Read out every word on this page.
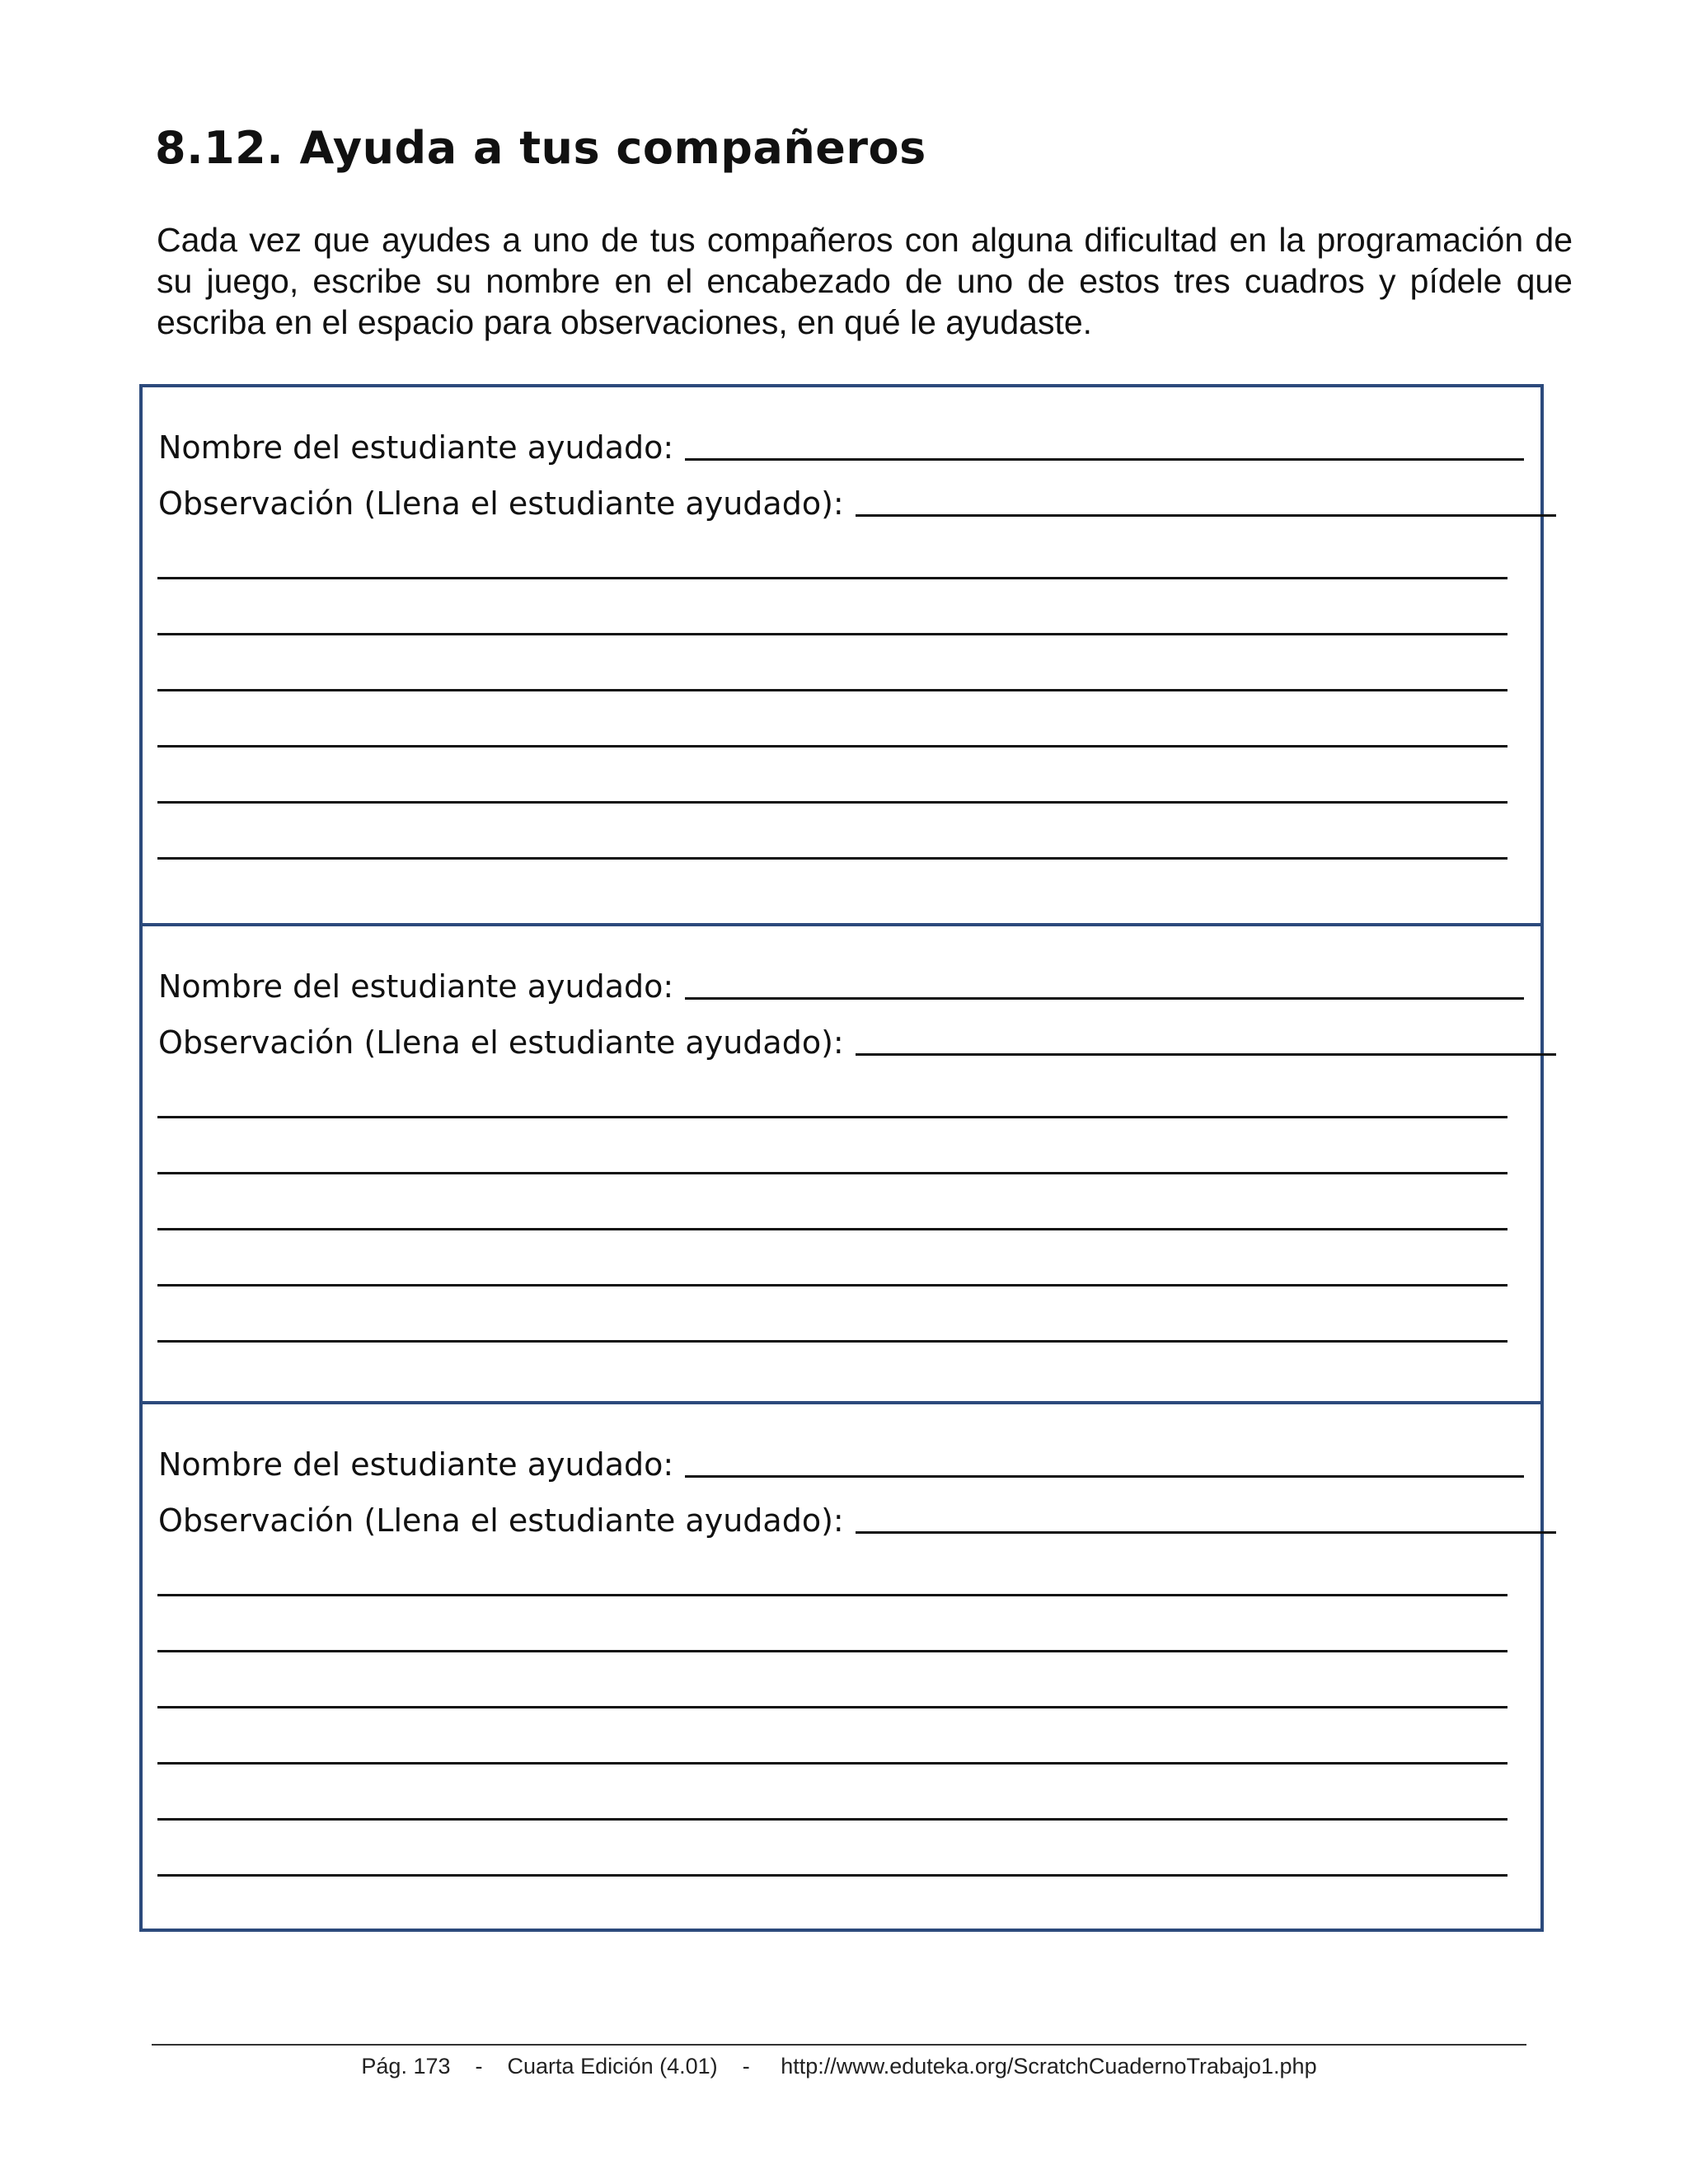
8.12. Ayuda a tus compañeros

Cada vez que ayudes a uno de tus compañeros con alguna dificultad en la programación de su juego, escribe su nombre en el encabezado de uno de estos tres cuadros y pídele que escriba en el espacio para observaciones, en qué le ayudaste.

Nombre del estudiante ayudado:
Observación (Llena el estudiante ayudado):
Nombre del estudiante ayudado:
Observación (Llena el estudiante ayudado):
Nombre del estudiante ayudado:
Observación (Llena el estudiante ayudado):
Pág. 173 - Cuarta Edición (4.01) - http://www.eduteka.org/ScratchCuadernoTrabajo1.php
